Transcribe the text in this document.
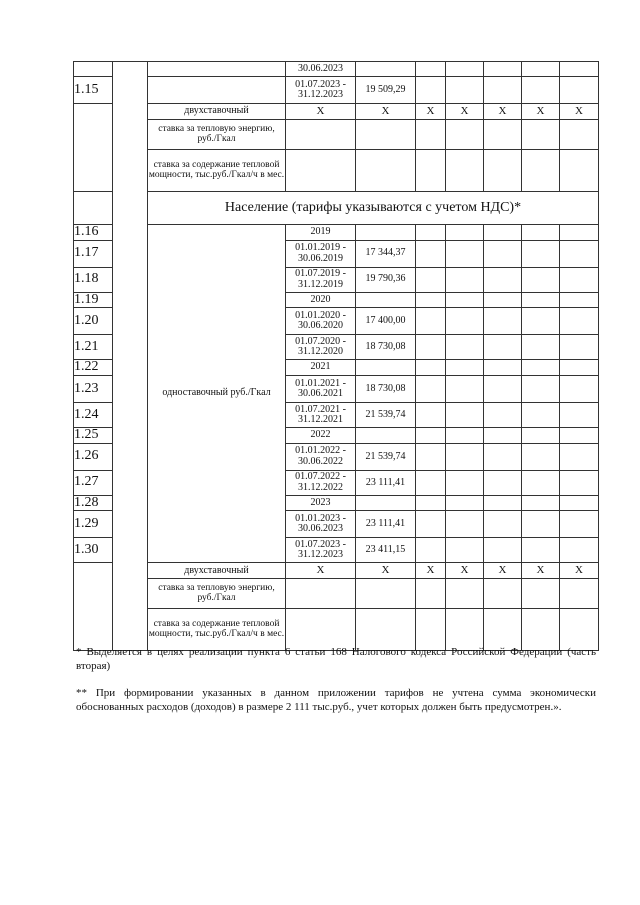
			30.06.2023						
1.15			01.07.2023 - 31.12.2023	19 509,29					
		двухставочный	X	X	X	X	X	X	X
		ставка за тепловую энергию, руб./Гкал							
		ставка за содержание тепловой мощности, тыс.руб./Гкал/ч в мес.							
		Население (тарифы указываются с учетом НДС)*							
1.16		одноставочный руб./Гкал	2019						
1.17			01.01.2019 - 30.06.2019	17 344,37					
1.18			01.07.2019 - 31.12.2019	19 790,36					
1.19			2020						
1.20			01.01.2020 - 30.06.2020	17 400,00					
1.21			01.07.2020 - 31.12.2020	18 730,08					
1.22			2021						
1.23			01.01.2021 - 30.06.2021	18 730,08					
1.24			01.07.2021 - 31.12.2021	21 539,74					
1.25			2022						
1.26			01.01.2022 - 30.06.2022	21 539,74					
1.27			01.07.2022 - 31.12.2022	23 111,41					
1.28			2023						
1.29			01.01.2023 - 30.06.2023	23 111,41					
1.30			01.07.2023 - 31.12.2023	23 411,15					
		двухставочный	X	X	X	X	X	X	X
		ставка за тепловую энергию, руб./Гкал							
		ставка за содержание тепловой мощности, тыс.руб./Гкал/ч в мес.							
* Выделяется в целях реализации пункта 6 статьи 168 Налогового кодекса Российской Федерации (часть вторая)
** При формировании указанных в данном приложении тарифов не учтена сумма экономически обоснованных расходов (доходов) в размере 2 111 тыс.руб., учет которых должен быть предусмотрен.».
